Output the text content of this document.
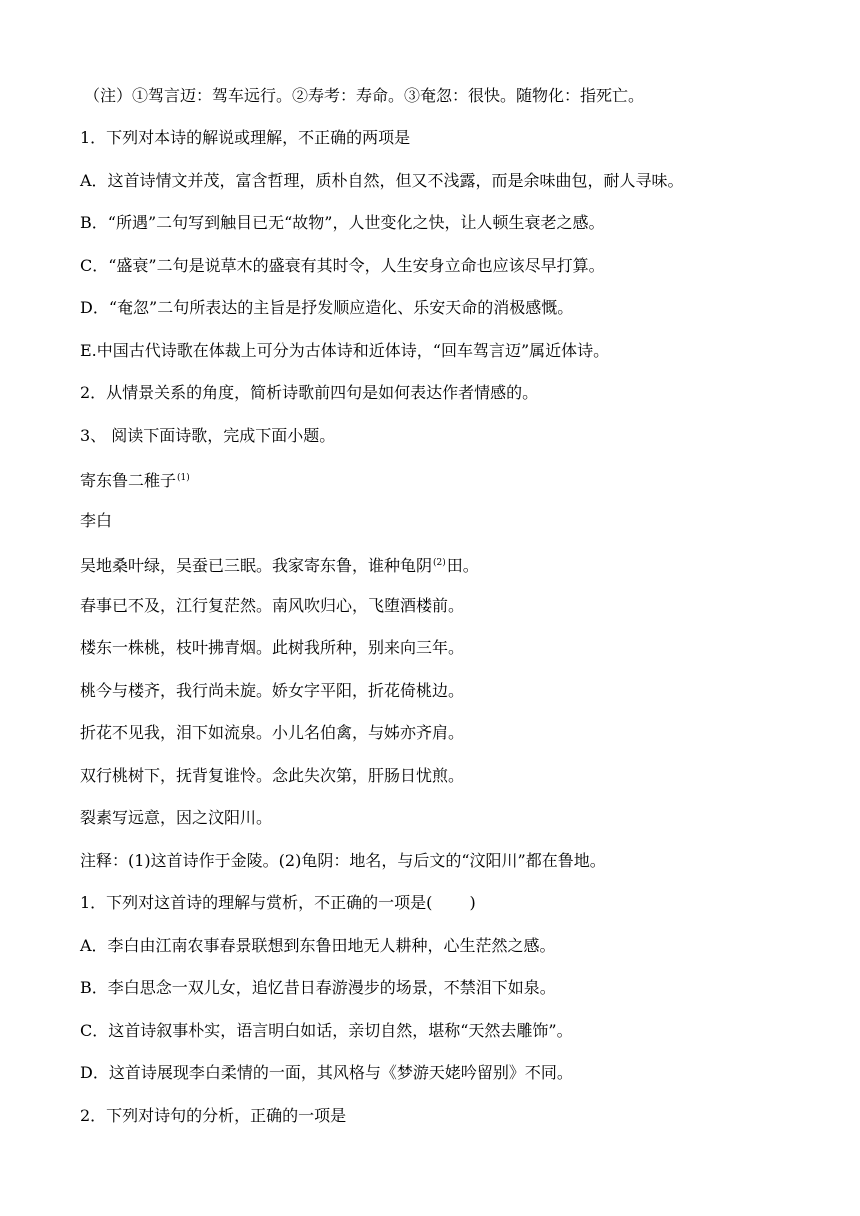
（注）①驾言迈：驾车远行。②寿考：寿命。③奄忽：很快。随物化：指死亡。
1．下列对本诗的解说或理解，不正确的两项是
A．这首诗情文并茂，富含哲理，质朴自然，但又不浅露，而是余味曲包，耐人寻味。
B．“所遇”二句写到触目已无“故物”，人世变化之快，让人顿生衰老之感。
C．“盛衰”二句是说草木的盛衰有其时令，人生安身立命也应该尽早打算。
D．“奄忽”二句所表达的主旨是抒发顺应造化、乐安天命的消极感慨。
E.中国古代诗歌在体裁上可分为古体诗和近体诗，“回车驾言迈”属近体诗。
2．从情景关系的角度，简析诗歌前四句是如何表达作者情感的。
3、 阅读下面诗歌，完成下面小题。
寄东鲁二稚子$^{(1)}$
李白
吴地桑叶绿，吴蚕已三眠。我家寄东鲁，谁种龟阴$^{(2)}$田。
春事已不及，江行复茫然。南风吹归心，飞堕酒楼前。
楼东一株桃，枝叶拂青烟。此树我所种，别来向三年。
桃今与楼齐，我行尚未旋。娇女字平阳，折花倚桃边。
折花不见我，泪下如流泉。小儿名伯禽，与姊亦齐肩。
双行桃树下，抚背复谁怜。念此失次第，肝肠日忧煎。
裂素写远意，因之汶阳川。
注释：(1)这首诗作于金陵。(2)龟阴：地名，与后文的“汶阳川”都在鲁地。
1．下列对这首诗的理解与赏析，不正确的一项是(　　 )
A．李白由江南农事春景联想到东鲁田地无人耕种，心生茫然之感。
B．李白思念一双儿女，追忆昔日春游漫步的场景，不禁泪下如泉。
C．这首诗叙事朴实，语言明白如话，亲切自然，堪称“天然去雕饰”。
D．这首诗展现李白柔情的一面，其风格与《梦游天姥吟留别》不同。
2．下列对诗句的分析，正确的一项是
